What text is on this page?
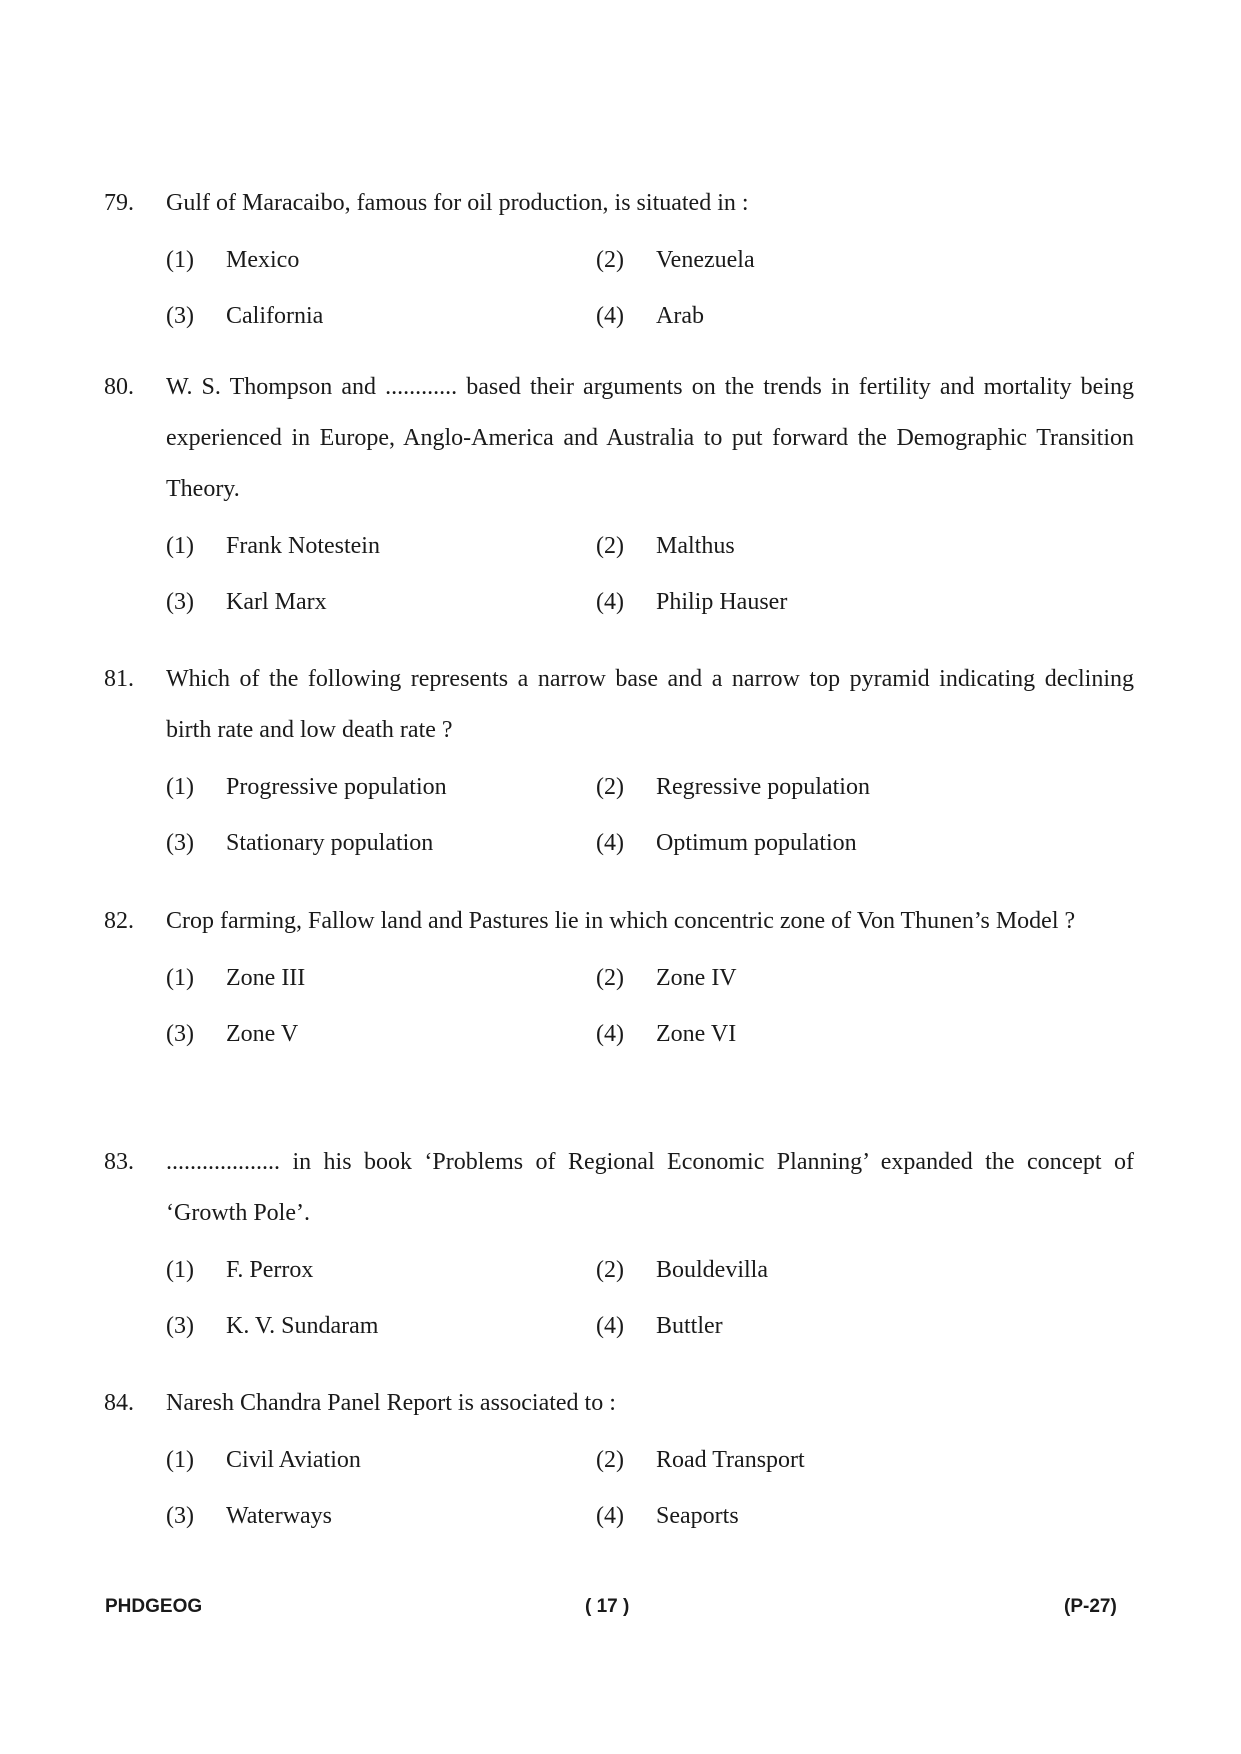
79.	Gulf of Maracaibo, famous for oil production, is situated in :
(1)	Mexico	(2)	Venezuela
(3)	California	(4)	Arab
80.	W. S. Thompson and ............ based their arguments on the trends in fertility and mortality being experienced in Europe, Anglo-America and Australia to put forward the Demographic Transition Theory.
(1)	Frank Notestein	(2)	Malthus
(3)	Karl Marx	(4)	Philip Hauser
81.	Which of the following represents a narrow base and a narrow top pyramid indicating declining birth rate and low death rate ?
(1)	Progressive population	(2)	Regressive population
(3)	Stationary population	(4)	Optimum population
82.	Crop farming, Fallow land and Pastures lie in which concentric zone of Von Thunen’s Model ?
(1)	Zone III	(2)	Zone IV
(3)	Zone V	(4)	Zone VI
83.	................... in his book ‘Problems of Regional Economic Planning’ expanded the concept of ‘Growth Pole’.
(1)	F. Perrox	(2)	Bouldevilla
(3)	K. V. Sundaram	(4)	Buttler
84.	Naresh Chandra Panel Report is associated to :
(1)	Civil Aviation	(2)	Road Transport
(3)	Waterways	(4)	Seaports
PHDGEOG	( 17 )	(P-27)
